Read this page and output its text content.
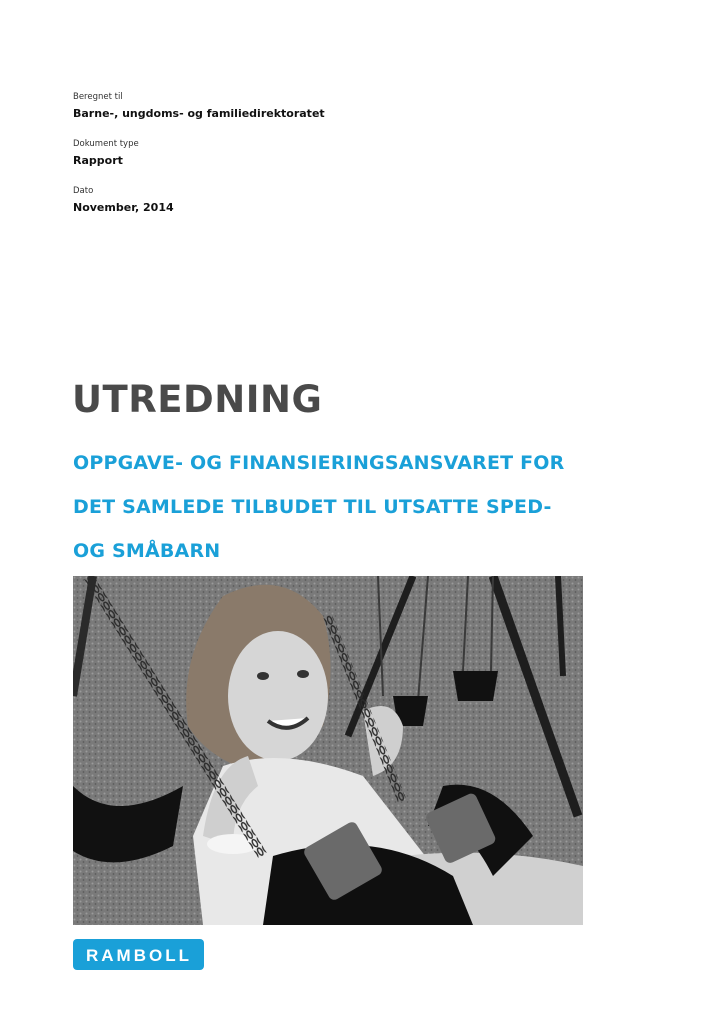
Beregnet til
Barne-, ungdoms- og familiedirektoratet
Dokument type
Rapport
Dato
November, 2014
UTREDNING
OPPGAVE- OG FINANSIERINGSANSVARET FOR
DET SAMLEDE TILBUDET TIL UTSATTE SPED-
OG SMÅBARN
RAMBOLL
